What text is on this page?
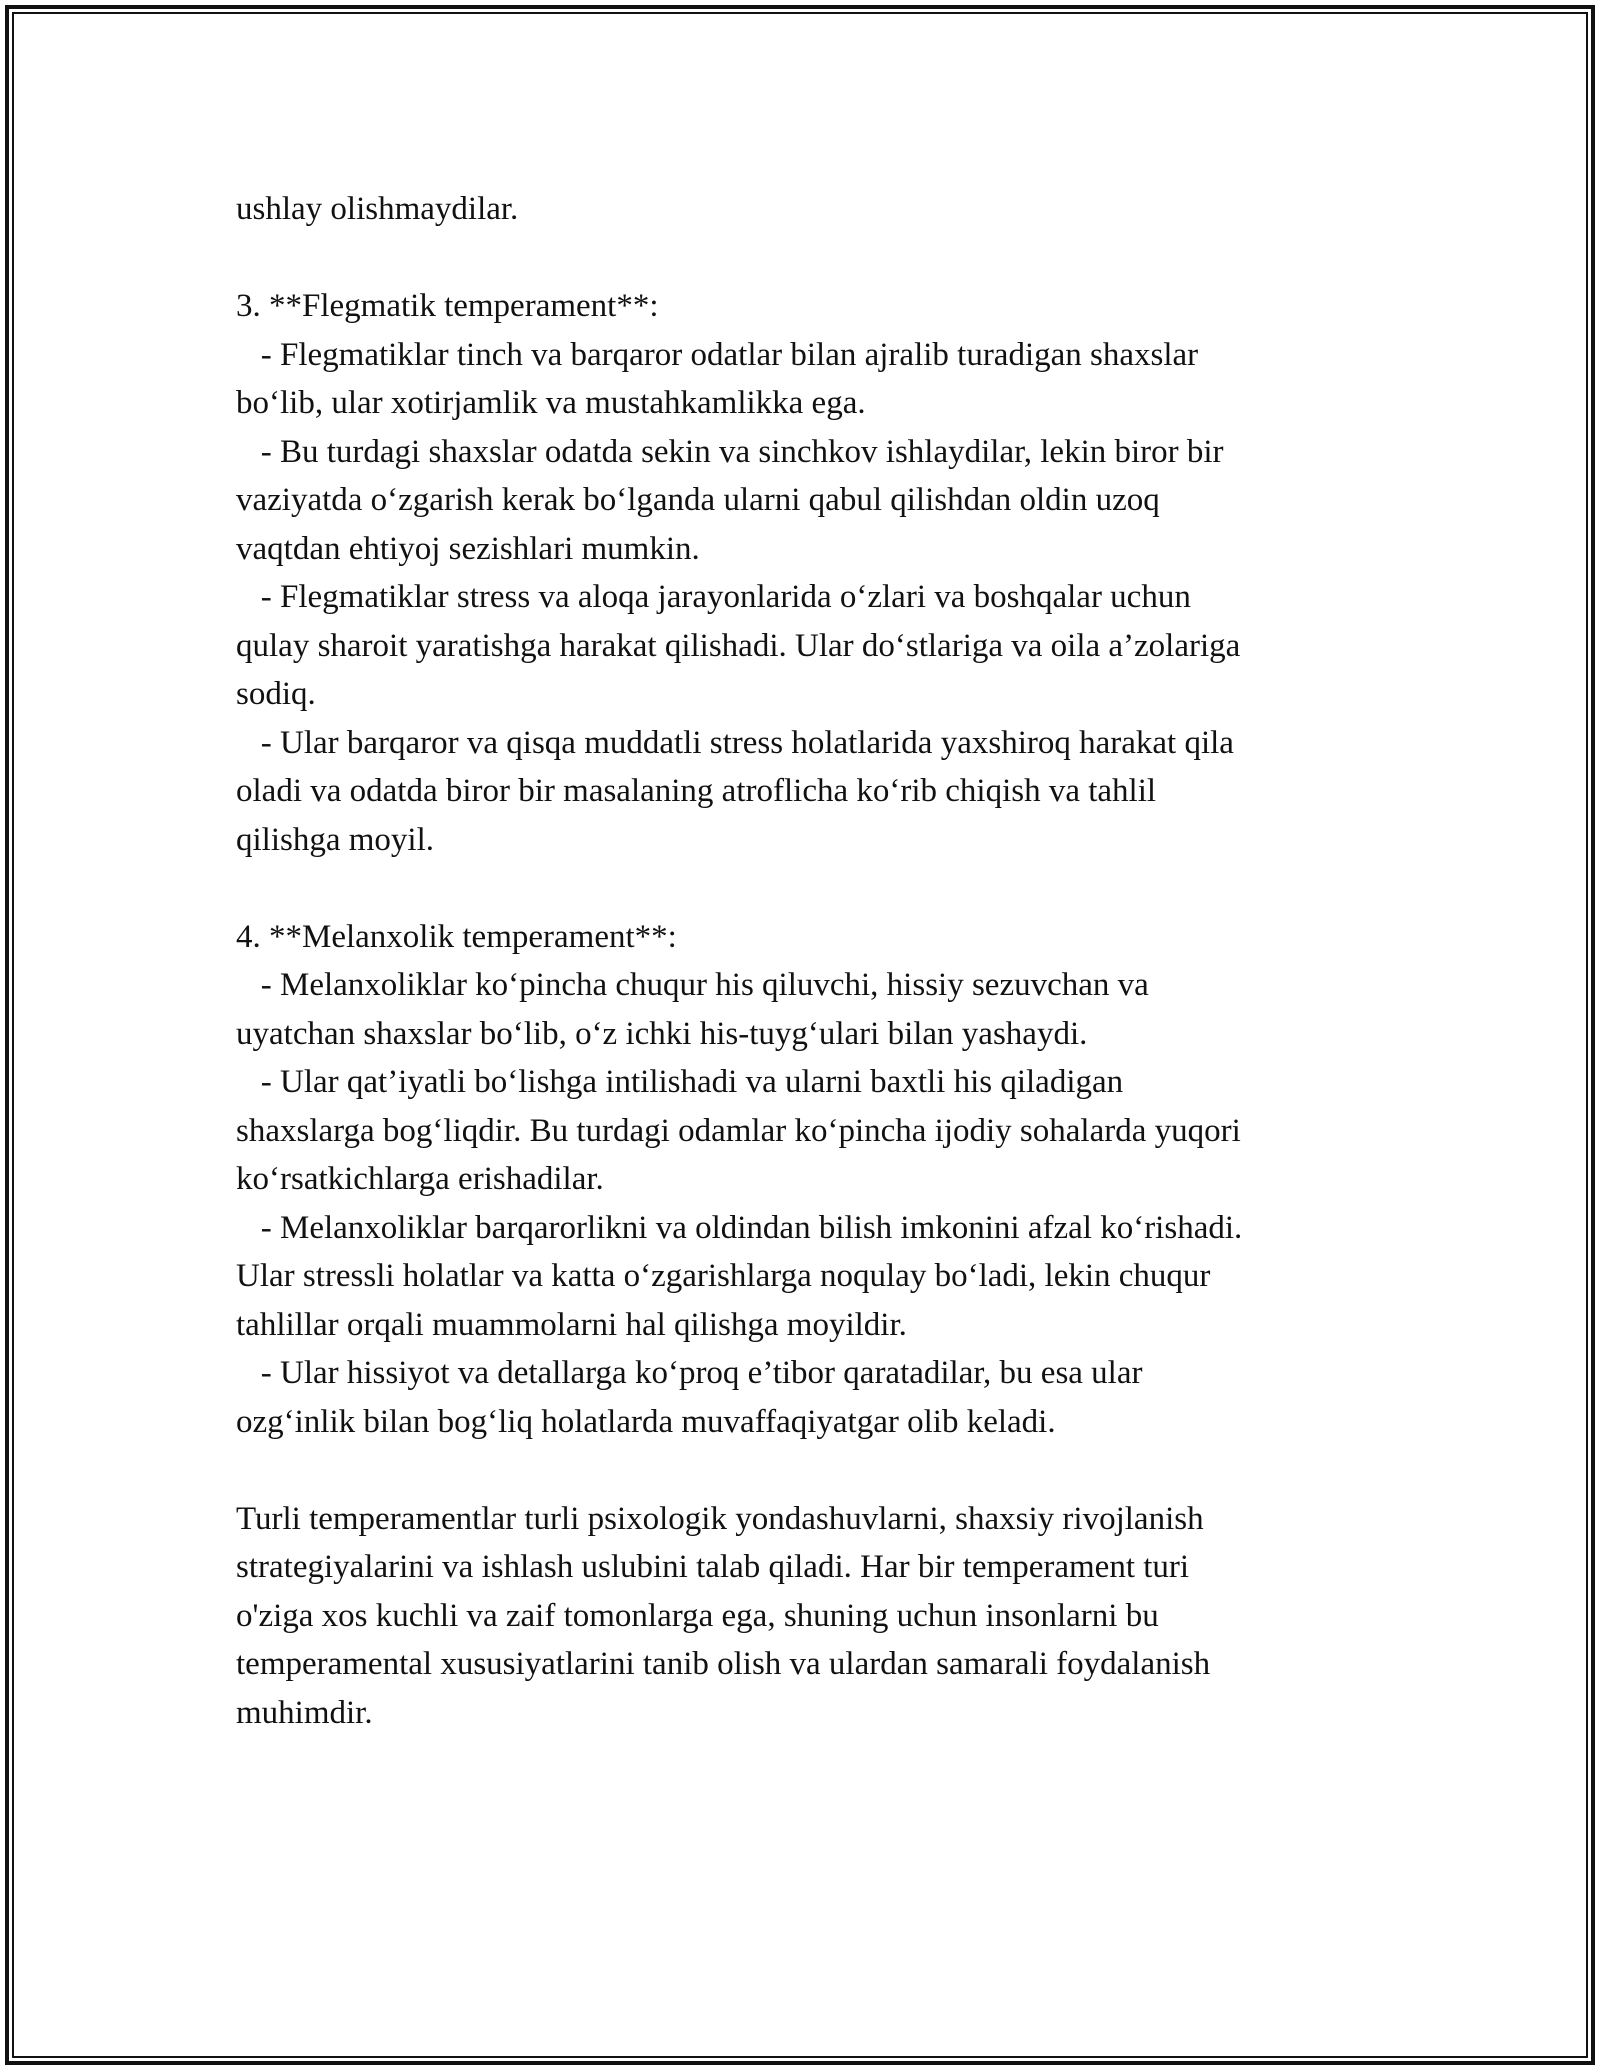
ushlay olishmaydilar.
3. **Flegmatik temperament**:
- Flegmatiklar tinch va barqaror odatlar bilan ajralib turadigan shaxslar
bo‘lib, ular xotirjamlik va mustahkamlikka ega.
- Bu turdagi shaxslar odatda sekin va sinchkov ishlaydilar, lekin biror bir
vaziyatda o‘zgarish kerak bo‘lganda ularni qabul qilishdan oldin uzoq
vaqtdan ehtiyoj sezishlari mumkin.
- Flegmatiklar stress va aloqa jarayonlarida o‘zlari va boshqalar uchun
qulay sharoit yaratishga harakat qilishadi. Ular do‘stlariga va oila a’zolariga
sodiq.
- Ular barqaror va qisqa muddatli stress holatlarida yaxshiroq harakat qila
oladi va odatda biror bir masalaning atroflicha ko‘rib chiqish va tahlil
qilishga moyil.
4. **Melanxolik temperament**:
- Melanxoliklar ko‘pincha chuqur his qiluvchi, hissiy sezuvchan va
uyatchan shaxslar bo‘lib, o‘z ichki his-tuyg‘ulari bilan yashaydi.
- Ular qat’iyatli bo‘lishga intilishadi va ularni baxtli his qiladigan
shaxslarga bog‘liqdir. Bu turdagi odamlar ko‘pincha ijodiy sohalarda yuqori
ko‘rsatkichlarga erishadilar.
- Melanxoliklar barqarorlikni va oldindan bilish imkonini afzal ko‘rishadi.
Ular stressli holatlar va katta o‘zgarishlarga noqulay bo‘ladi, lekin chuqur
tahlillar orqali muammolarni hal qilishga moyildir.
- Ular hissiyot va detallarga ko‘proq e’tibor qaratadilar, bu esa ular
ozg‘inlik bilan bog‘liq holatlarda muvaffaqiyatgar olib keladi.
Turli temperamentlar turli psixologik yondashuvlarni, shaxsiy rivojlanish
strategiyalarini va ishlash uslubini talab qiladi. Har bir temperament turi
o'ziga xos kuchli va zaif tomonlarga ega, shuning uchun insonlarni bu
temperamental xususiyatlarini tanib olish va ulardan samarali foydalanish
muhimdir.
